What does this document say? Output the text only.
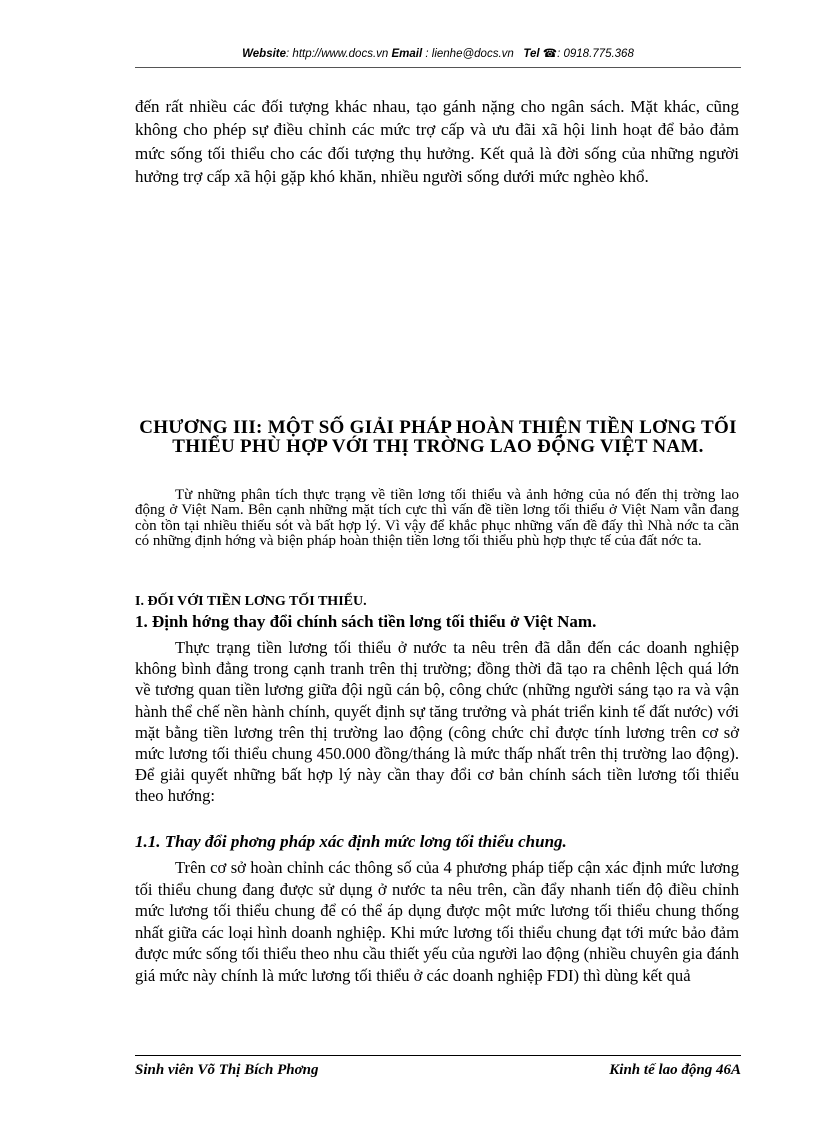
Website: http://www.docs.vn Email : lienhe@docs.vn Tel ☎: 0918.775.368

đến rất nhiều các đối tượng khác nhau, tạo gánh nặng cho ngân sách. Mặt khác, cũng không cho phép sự điều chỉnh các mức trợ cấp và ưu đãi xã hội linh hoạt để bảo đảm mức sống tối thiểu cho các đối tượng thụ hưởng. Kết quả là đời sống của những người hưởng trợ cấp xã hội gặp khó khăn, nhiều người sống dưới mức nghèo khổ.

CHƯƠNG III: MỘT SỐ GIẢI PHÁP HOÀN THIỆN TIỀN LƠNG TỐI THIỂU PHÙ HỢP VỚI THỊ TRỜNG LAO ĐỘNG VIỆT NAM.

Từ những phân tích thực trạng về tiền lơng tối thiểu và ảnh hởng của nó đến thị trờng lao động ở Việt Nam. Bên cạnh những mặt tích cực thì vấn đề tiền lơng tối thiểu ở Việt Nam vẫn đang còn tồn tại nhiều thiếu sót và bất hợp lý. Vì vậy để khắc phục những vấn đề đấy thì Nhà nớc ta cần có những định hớng và biện pháp hoàn thiện tiền lơng tối thiểu phù hợp thực tế của đất nớc ta.

I. ĐỐI VỚI TIỀN LƠNG TỐI THIỂU.
1. Định hớng thay đổi chính sách tiền lơng tối thiểu ở Việt Nam.

Thực trạng tiền lương tối thiểu ở nước ta nêu trên đã dẫn đến các doanh nghiệp không bình đẳng trong cạnh tranh trên thị trường; đồng thời đã tạo ra chênh lệch quá lớn về tương quan tiền lương giữa đội ngũ cán bộ, công chức (những người sáng tạo ra và vận hành thể chế nền hành chính, quyết định sự tăng trưởng và phát triển kinh tế đất nước) với mặt bằng tiền lương trên thị trường lao động (công chức chỉ được tính lương trên cơ sở mức lương tối thiểu chung 450.000 đồng/tháng là mức thấp nhất trên thị trường lao động). Để giải quyết những bất hợp lý này cần thay đổi cơ bản chính sách tiền lương tối thiểu theo hướng:

1.1. Thay đổi phơng pháp xác định mức lơng tối thiểu chung.

Trên cơ sở hoàn chỉnh các thông số của 4 phương pháp tiếp cận xác định mức lương tối thiểu chung đang được sử dụng ở nước ta nêu trên, cần đẩy nhanh tiến độ điều chỉnh mức lương tối thiểu chung để có thể áp dụng được một mức lương tối thiểu chung thống nhất giữa các loại hình doanh nghiệp. Khi mức lương tối thiểu chung đạt tới mức bảo đảm được mức sống tối thiểu theo nhu cầu thiết yếu của người lao động (nhiều chuyên gia đánh giá mức này chính là mức lương tối thiểu ở các doanh nghiệp FDI) thì dùng kết quả

Sinh viên Võ Thị Bích Phơng	Kinh tế lao động 46A
